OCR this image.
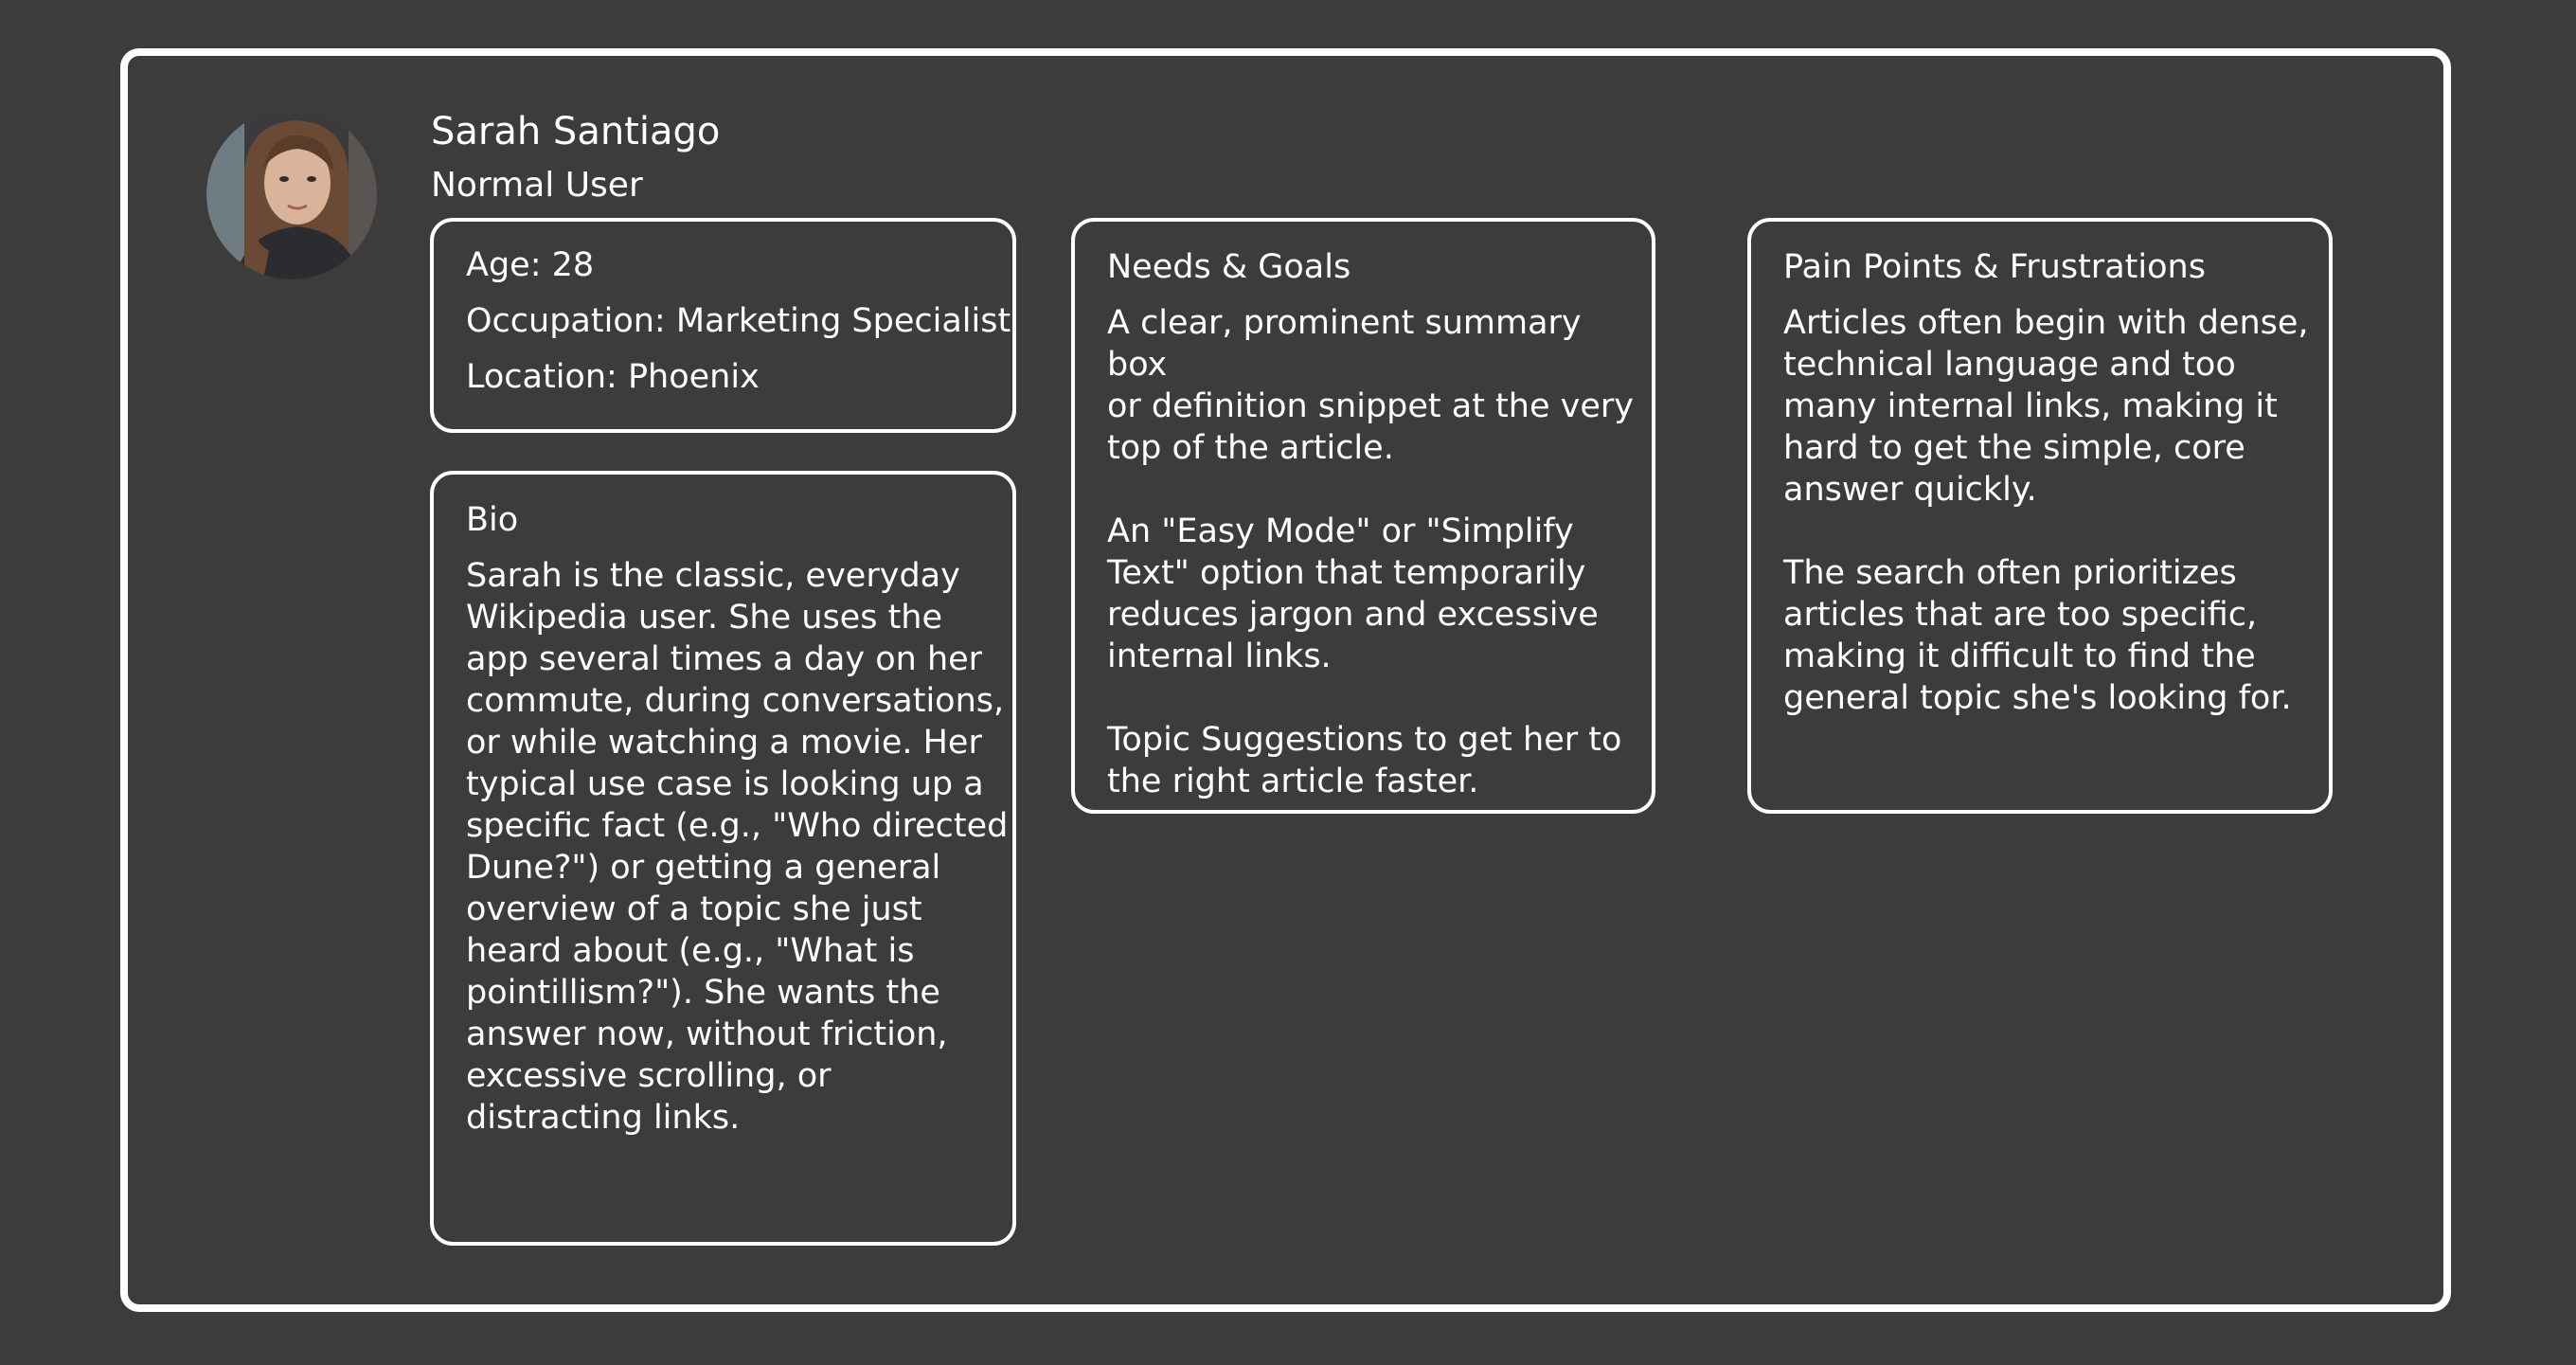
Sarah Santiago
Normal User
Age: 28
Occupation: Marketing Specialist
Location: Phoenix
Bio

Sarah is the classic, everyday
Wikipedia user. She uses the
app several times a day on her
commute, during conversations,
or while watching a movie. Her
typical use case is looking up a
specific fact (e.g., "Who directed
Dune?") or getting a general
overview of a topic she just
heard about (e.g., "What is
pointillism?"). She wants the
answer now, without friction,
excessive scrolling, or
distracting links.

Needs & Goals

A clear, prominent summary box
or definition snippet at the very
top of the article.

An "Easy Mode" or "Simplify
Text" option that temporarily
reduces jargon and excessive
internal links.

Topic Suggestions to get her to
the right article faster.

Pain Points & Frustrations

Articles often begin with dense,
technical language and too
many internal links, making it
hard to get the simple, core
answer quickly.

The search often prioritizes
articles that are too specific,
making it difficult to find the
general topic she's looking for.
